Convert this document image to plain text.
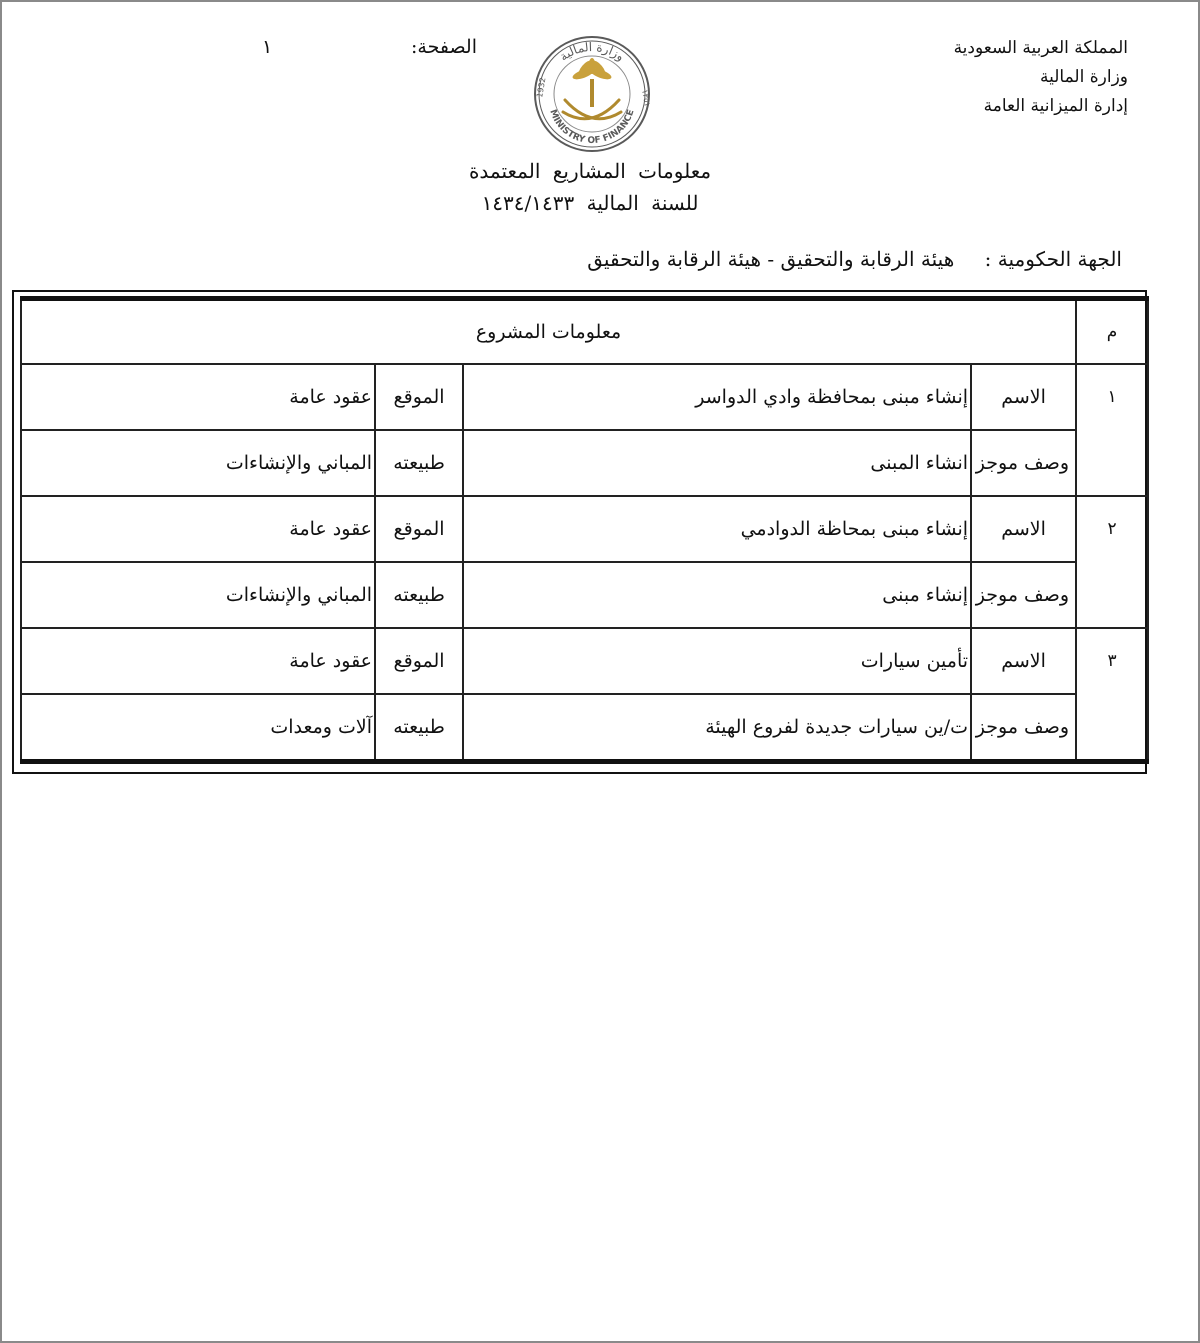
المملكة العربية السعودية
وزارة المالية
إدارة الميزانية العامة
الصفحة:
١	وزارة المالية
MINISTRY OF FINANCE
1932	١٣٥١
معلومات المشاريع المعتمدة
للسنة المالية ١٤٣٤/١٤٣٣
الجهة الحكومية : هيئة الرقابة والتحقيق - هيئة الرقابة والتحقيق
م	معلومات المشروع			
١	الاسم	إنشاء مبنى بمحافظة وادي الدواسر	الموقع	عقود عامة
	وصف موجز	انشاء المبنى	طبيعته	المباني والإنشاءات
٢	الاسم	إنشاء مبنى بمحاظة الدوادمي	الموقع	عقود عامة
	وصف موجز	إنشاء مبنى	طبيعته	المباني والإنشاءات
٣	الاسم	تأمين سيارات	الموقع	عقود عامة
	وصف موجز	ت/ين سيارات جديدة لفروع الهيئة	طبيعته	آلات ومعدات
